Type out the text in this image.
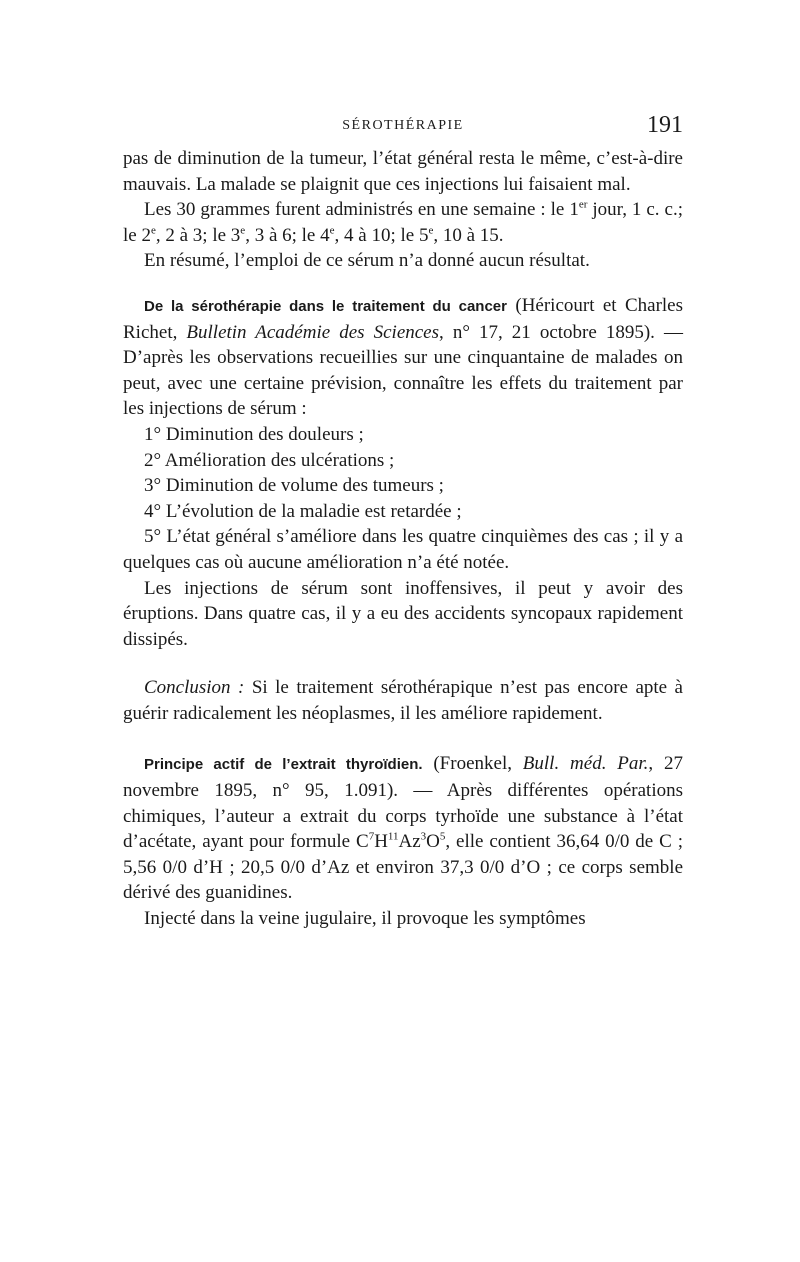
SÉROTHÉRAPIE	191

pas de diminution de la tumeur, l’état général resta le même, c’est-à-dire mauvais. La malade se plaignit que ces injections lui faisaient mal.

Les 30 grammes furent administrés en une semaine : le 1er jour, 1 c. c.; le 2e, 2 à 3; le 3e, 3 à 6; le 4e, 4 à 10; le 5e, 10 à 15.

En résumé, l’emploi de ce sérum n’a donné aucun résultat.

De la sérothérapie dans le traitement du cancer (Héricourt et Charles Richet, Bulletin Académie des Sciences, n° 17, 21 octobre 1895). — D’après les observations recueillies sur une cinquantaine de malades on peut, avec une certaine prévision, connaître les effets du traitement par les injections de sérum :

1° Diminution des douleurs ;

2° Amélioration des ulcérations ;

3° Diminution de volume des tumeurs ;

4° L’évolution de la maladie est retardée ;

5° L’état général s’améliore dans les quatre cinquièmes des cas ; il y a quelques cas où aucune amélioration n’a été notée.

Les injections de sérum sont inoffensives, il peut y avoir des éruptions. Dans quatre cas, il y a eu des accidents syncopaux rapidement dissipés.

Conclusion : Si le traitement sérothérapique n’est pas encore apte à guérir radicalement les néoplasmes, il les améliore rapidement.

Principe actif de l’extrait thyroïdien. (Froenkel, Bull. méd. Par., 27 novembre 1895, n° 95, 1.091). — Après différentes opérations chimiques, l’auteur a extrait du corps tyrhoïde une substance à l’état d’acétate, ayant pour formule $C^7H^{11}Az^3O^5$, elle contient 36,64 0/0 de C ; 5,56 0/0 d’H ; 20,5 0/0 d’Az et environ 37,3 0/0 d’O ; ce corps semble dérivé des guanidines.

Injecté dans la veine jugulaire, il provoque les symptômes
